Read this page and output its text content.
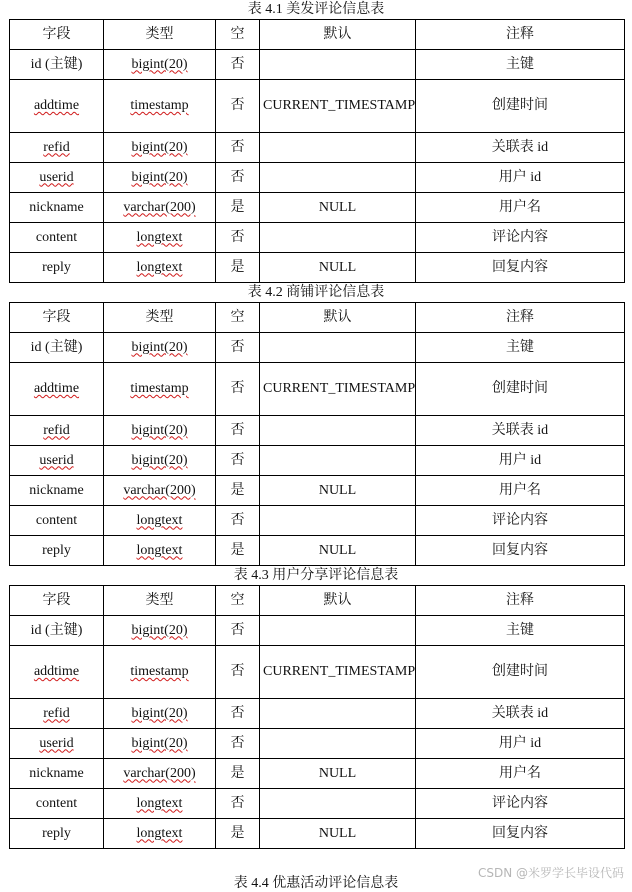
表 4.1 美发评论信息表
字段	类型	空	默认	注释
id (主键)	bigint(20)	否		主键
addtime	timestamp	否	CURRENT_TIMESTAMP	创建时间
refid	bigint(20)	否		关联表 id
userid	bigint(20)	否		用户 id
nickname	varchar(200)	是	NULL	用户名
content	longtext	否		评论内容
reply	longtext	是	NULL	回复内容
表 4.2 商铺评论信息表
字段	类型	空	默认	注释
id (主键)	bigint(20)	否		主键
addtime	timestamp	否	CURRENT_TIMESTAMP	创建时间
refid	bigint(20)	否		关联表 id
userid	bigint(20)	否		用户 id
nickname	varchar(200)	是	NULL	用户名
content	longtext	否		评论内容
reply	longtext	是	NULL	回复内容
表 4.3 用户分享评论信息表
字段	类型	空	默认	注释
id (主键)	bigint(20)	否		主键
addtime	timestamp	否	CURRENT_TIMESTAMP	创建时间
refid	bigint(20)	否		关联表 id
userid	bigint(20)	否		用户 id
nickname	varchar(200)	是	NULL	用户名
content	longtext	否		评论内容
reply	longtext	是	NULL	回复内容
表 4.4 优惠活动评论信息表
CSDN @米罗学长毕设代码
